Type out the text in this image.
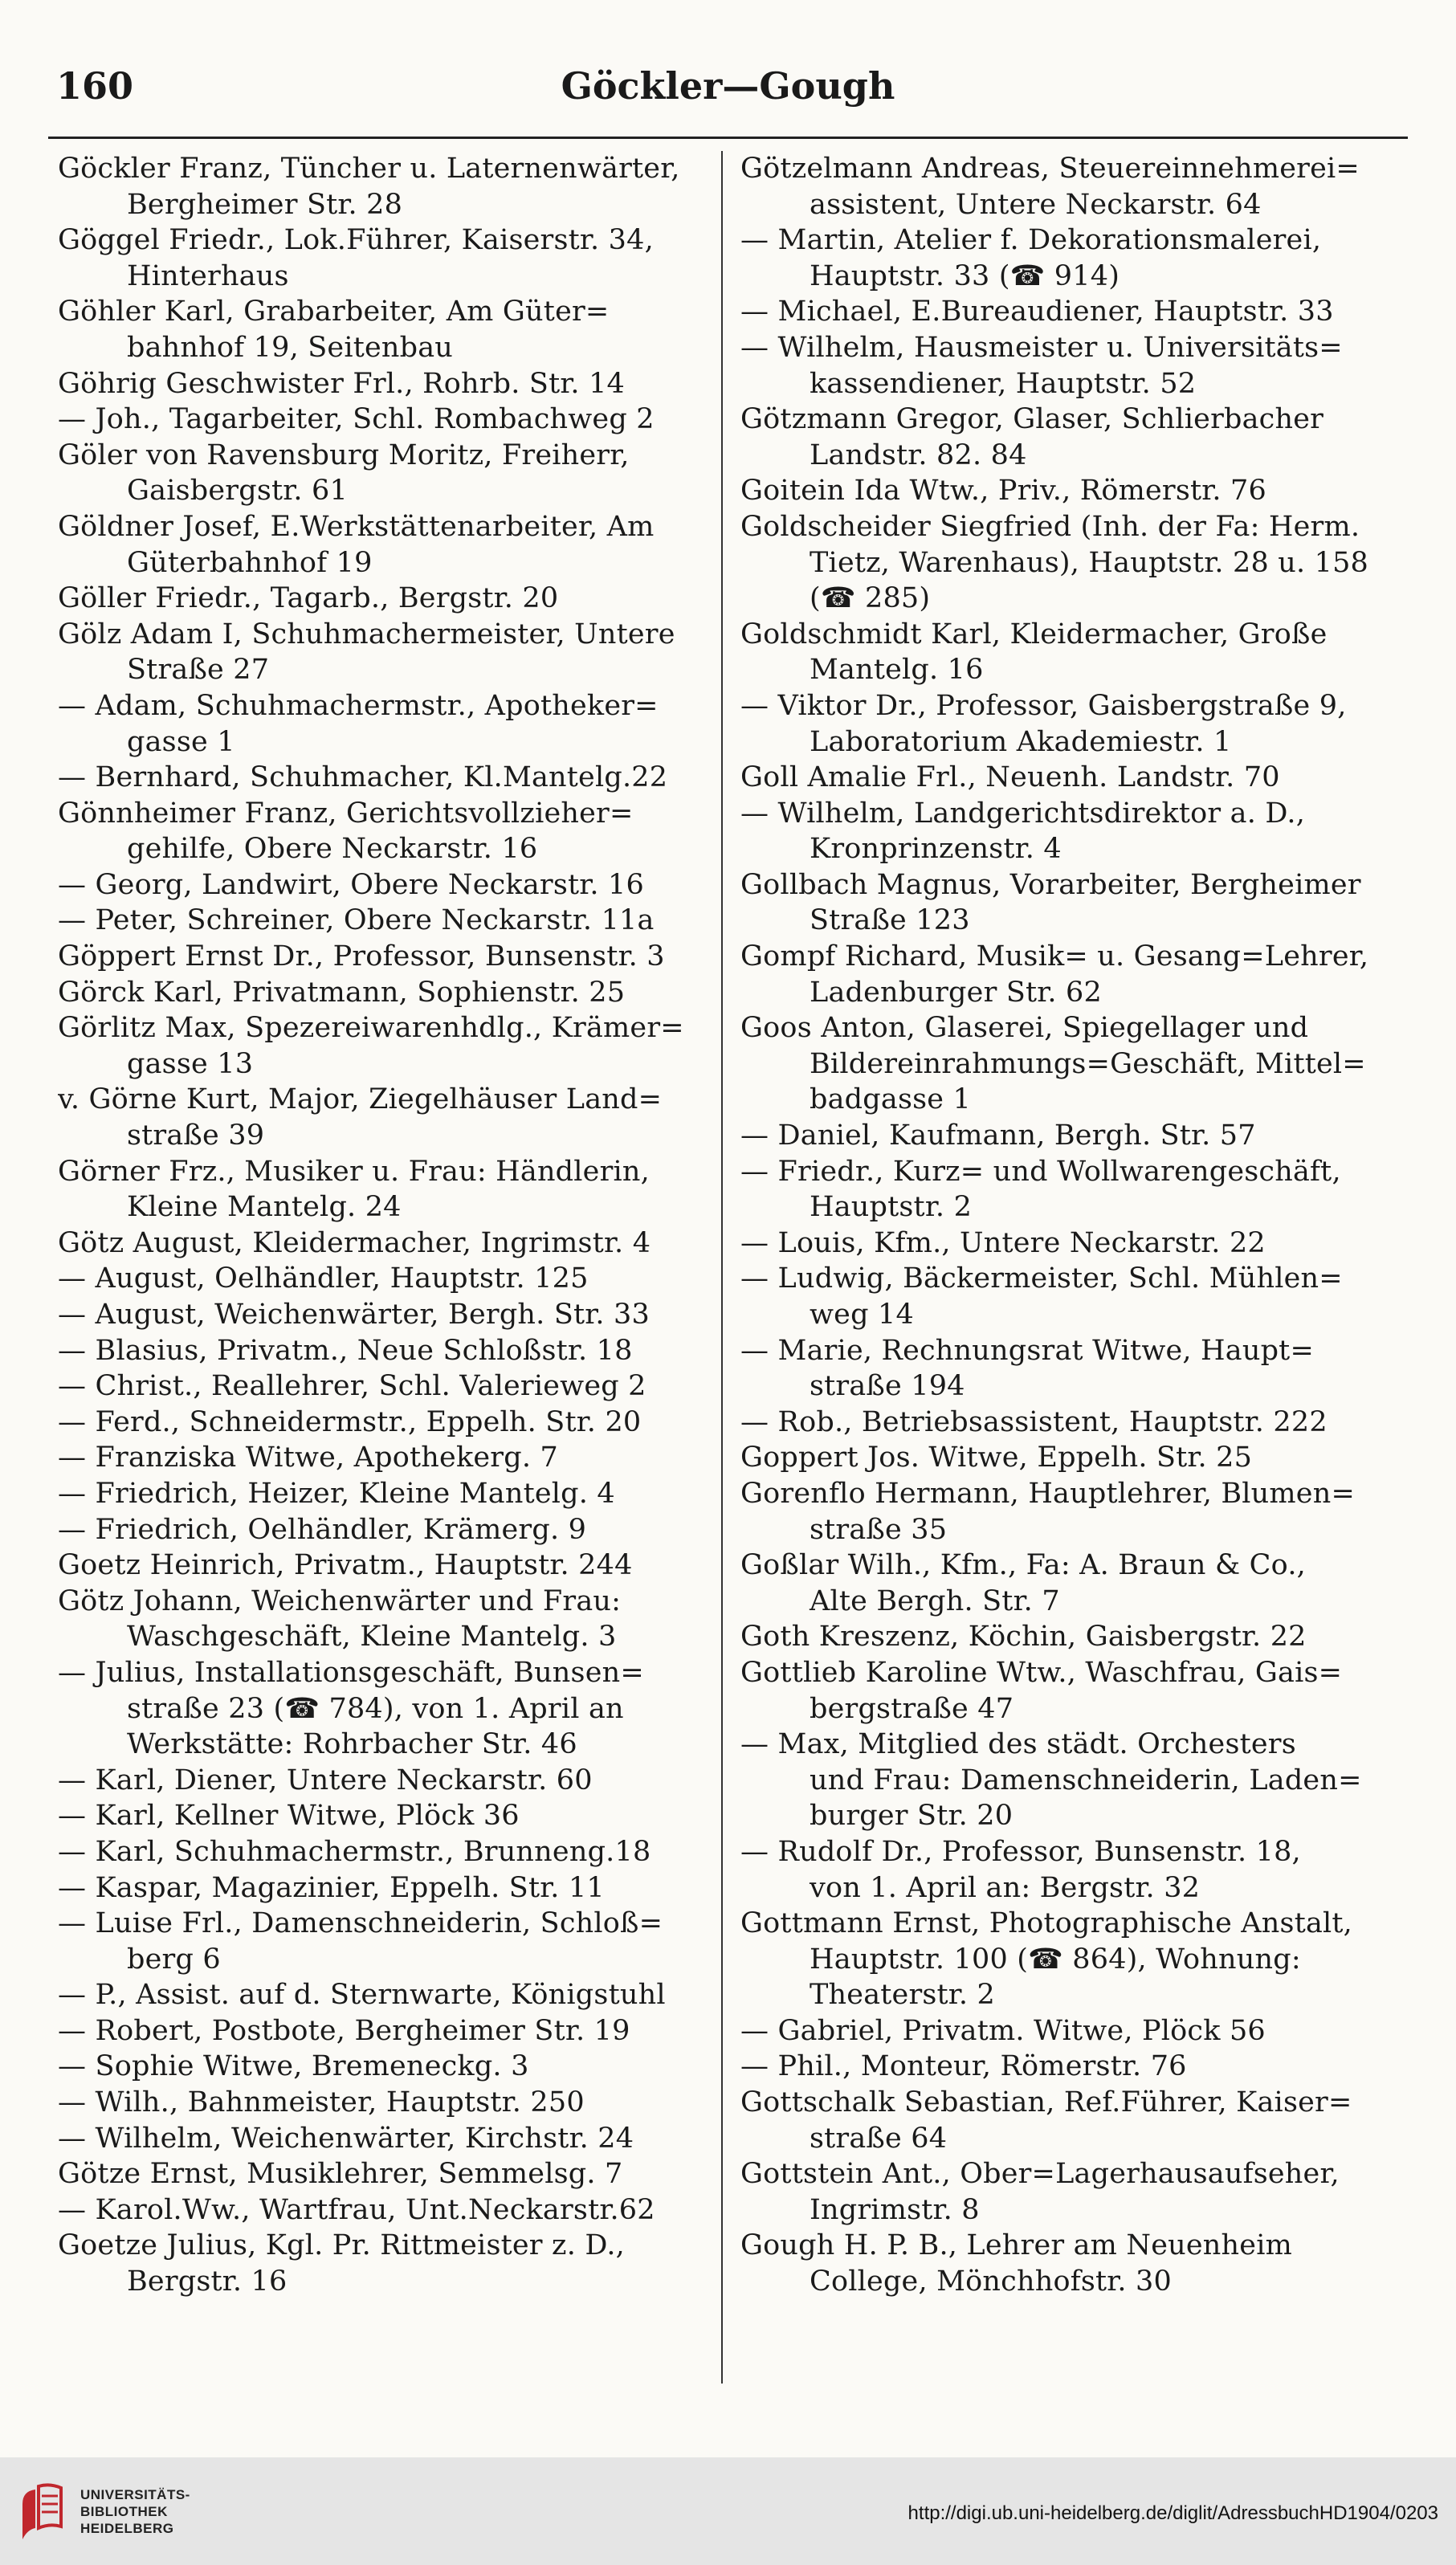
160	Göckler—Gough
Göckler Franz, Tüncher u. Laternenwärter,
Bergheimer Str. 28
Göggel Friedr., Lok.Führer, Kaiserstr. 34,
Hinterhaus
Göhler Karl, Grabarbeiter, Am Güter=
bahnhof 19, Seitenbau
Göhrig Geschwister Frl., Rohrb. Str. 14
— Joh., Tagarbeiter, Schl. Rombachweg 2
Göler von Ravensburg Moritz, Freiherr,
Gaisbergstr. 61
Göldner Josef, E.Werkstättenarbeiter, Am
Güterbahnhof 19
Göller Friedr., Tagarb., Bergstr. 20
Gölz Adam I, Schuhmachermeister, Untere
Straße 27
— Adam, Schuhmachermstr., Apotheker=
gasse 1
— Bernhard, Schuhmacher, Kl.Mantelg.22
Gönnheimer Franz, Gerichtsvollzieher=
gehilfe, Obere Neckarstr. 16
— Georg, Landwirt, Obere Neckarstr. 16
— Peter, Schreiner, Obere Neckarstr. 11a
Göppert Ernst Dr., Professor, Bunsenstr. 3
Görck Karl, Privatmann, Sophienstr. 25
Görlitz Max, Spezereiwarenhdlg., Krämer=
gasse 13
v. Görne Kurt, Major, Ziegelhäuser Land=
straße 39
Görner Frz., Musiker u. Frau: Händlerin,
Kleine Mantelg. 24
Götz August, Kleidermacher, Ingrimstr. 4
— August, Oelhändler, Hauptstr. 125
— August, Weichenwärter, Bergh. Str. 33
— Blasius, Privatm., Neue Schloßstr. 18
— Christ., Reallehrer, Schl. Valerieweg 2
— Ferd., Schneidermstr., Eppelh. Str. 20
— Franziska Witwe, Apothekerg. 7
— Friedrich, Heizer, Kleine Mantelg. 4
— Friedrich, Oelhändler, Krämerg. 9
Goetz Heinrich, Privatm., Hauptstr. 244
Götz Johann, Weichenwärter und Frau:
Waschgeschäft, Kleine Mantelg. 3
— Julius, Installationsgeschäft, Bunsen=
straße 23 (☎ 784), von 1. April an
Werkstätte: Rohrbacher Str. 46
— Karl, Diener, Untere Neckarstr. 60
— Karl, Kellner Witwe, Plöck 36
— Karl, Schuhmachermstr., Brunneng.18
— Kaspar, Magazinier, Eppelh. Str. 11
— Luise Frl., Damenschneiderin, Schloß=
berg 6
— P., Assist. auf d. Sternwarte, Königstuhl
— Robert, Postbote, Bergheimer Str. 19
— Sophie Witwe, Bremeneckg. 3
— Wilh., Bahnmeister, Hauptstr. 250
— Wilhelm, Weichenwärter, Kirchstr. 24
Götze Ernst, Musiklehrer, Semmelsg. 7
— Karol.Ww., Wartfrau, Unt.Neckarstr.62
Goetze Julius, Kgl. Pr. Rittmeister z. D.,
Bergstr. 16
Götzelmann Andreas, Steuereinnehmerei=
assistent, Untere Neckarstr. 64
— Martin, Atelier f. Dekorationsmalerei,
Hauptstr. 33 (☎ 914)
— Michael, E.Bureaudiener, Hauptstr. 33
— Wilhelm, Hausmeister u. Universitäts=
kassendiener, Hauptstr. 52
Götzmann Gregor, Glaser, Schlierbacher
Landstr. 82. 84
Goitein Ida Wtw., Priv., Römerstr. 76
Goldscheider Siegfried (Inh. der Fa: Herm.
Tietz, Warenhaus), Hauptstr. 28 u. 158
(☎ 285)
Goldschmidt Karl, Kleidermacher, Große
Mantelg. 16
— Viktor Dr., Professor, Gaisbergstraße 9,
Laboratorium Akademiestr. 1
Goll Amalie Frl., Neuenh. Landstr. 70
— Wilhelm, Landgerichtsdirektor a. D.,
Kronprinzenstr. 4
Gollbach Magnus, Vorarbeiter, Bergheimer
Straße 123
Gompf Richard, Musik= u. Gesang=Lehrer,
Ladenburger Str. 62
Goos Anton, Glaserei, Spiegellager und
Bildereinrahmungs=Geschäft, Mittel=
badgasse 1
— Daniel, Kaufmann, Bergh. Str. 57
— Friedr., Kurz= und Wollwarengeschäft,
Hauptstr. 2
— Louis, Kfm., Untere Neckarstr. 22
— Ludwig, Bäckermeister, Schl. Mühlen=
weg 14
— Marie, Rechnungsrat Witwe, Haupt=
straße 194
— Rob., Betriebsassistent, Hauptstr. 222
Goppert Jos. Witwe, Eppelh. Str. 25
Gorenflo Hermann, Hauptlehrer, Blumen=
straße 35
Goßlar Wilh., Kfm., Fa: A. Braun & Co.,
Alte Bergh. Str. 7
Goth Kreszenz, Köchin, Gaisbergstr. 22
Gottlieb Karoline Wtw., Waschfrau, Gais=
bergstraße 47
— Max, Mitglied des städt. Orchesters
und Frau: Damenschneiderin, Laden=
burger Str. 20
— Rudolf Dr., Professor, Bunsenstr. 18,
von 1. April an: Bergstr. 32
Gottmann Ernst, Photographische Anstalt,
Hauptstr. 100 (☎ 864), Wohnung:
Theaterstr. 2
— Gabriel, Privatm. Witwe, Plöck 56
— Phil., Monteur, Römerstr. 76
Gottschalk Sebastian, Ref.Führer, Kaiser=
straße 64
Gottstein Ant., Ober=Lagerhausaufseher,
Ingrimstr. 8
Gough H. P. B., Lehrer am Neuenheim
College, Mönchhofstr. 30
UNIVERSITÄTS-
BIBLIOTHEK
HEIDELBERG
http://digi.ub.uni-heidelberg.de/diglit/AdressbuchHD1904/0203
